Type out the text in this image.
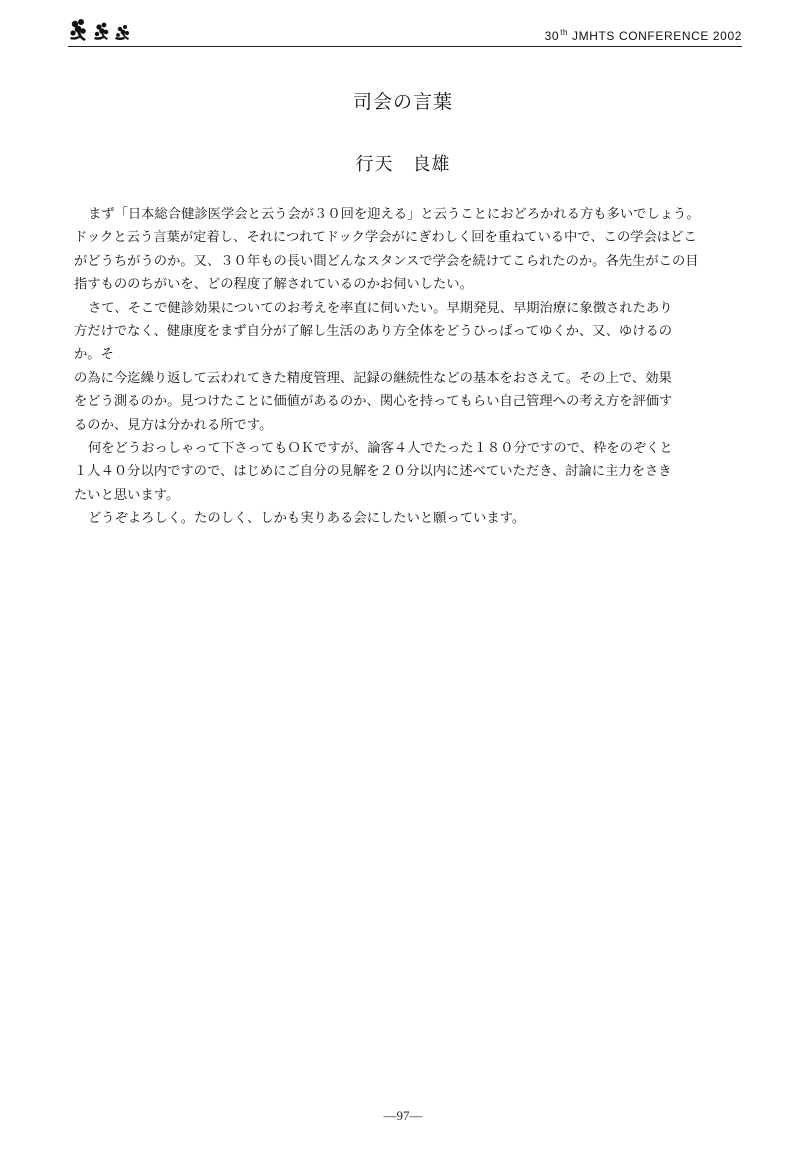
30th JMHTS CONFERENCE 2002
司会の言葉
行天　良雄
まず「日本総合健診医学会と云う会が３０回を迎える」と云うことにおどろかれる方も多いでしょう。
ドックと云う言葉が定着し、それにつれてドック学会がにぎわしく回を重ねている中で、この学会はどこ
がどうちがうのか。又、３０年もの長い間どんなスタンスで学会を続けてこられたのか。各先生がこの目
指すもののちがいを、どの程度了解されているのかお伺いしたい。
さて、そこで健診効果についてのお考えを率直に伺いたい。早期発見、早期治療に象徴されたあり
方だけでなく、健康度をまず自分が了解し生活のあり方全体をどうひっぱってゆくか、又、ゆけるの
か。そ
の為に今迄繰り返して云われてきた精度管理、記録の継続性などの基本をおさえて。その上で、効果
をどう測るのか。見つけたことに価値があるのか、関心を持ってもらい自己管理への考え方を評価す
るのか、見方は分かれる所です。
何をどうおっしゃって下さってもＯＫですが、論客４人でたった１８０分ですので、枠をのぞくと
１人４０分以内ですので、はじめにご自分の見解を２０分以内に述べていただき、討論に主力をさき
たいと思います。
どうぞよろしく。たのしく、しかも実りある会にしたいと願っています。
―97―
